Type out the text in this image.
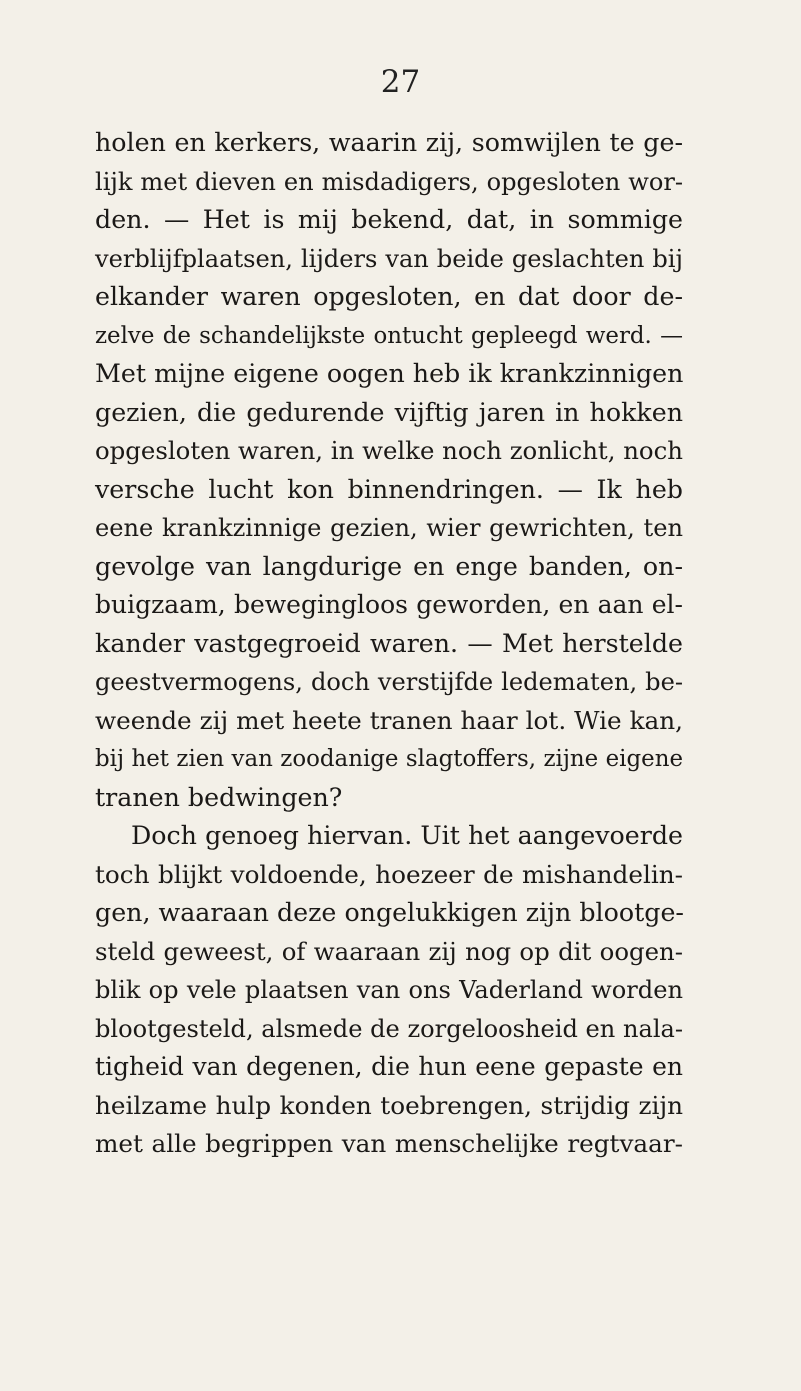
27
holen en kerkers, waarin zij, somwijlen te ge-
lijk met dieven en misdadigers, opgesloten wor-
den. — Het is mij bekend, dat, in sommige
verblijfplaatsen, lijders van beide geslachten bij
elkander waren opgesloten, en dat door de-
zelve de schandelijkste ontucht gepleegd werd. —
Met mijne eigene oogen heb ik krankzinnigen
gezien, die gedurende vijftig jaren in hokken
opgesloten waren, in welke noch zonlicht, noch
versche lucht kon binnendringen. — Ik heb
eene krankzinnige gezien, wier gewrichten, ten
gevolge van langdurige en enge banden, on-
buigzaam, bewegingloos geworden, en aan el-
kander vastgegroeid waren. — Met herstelde
geestvermogens, doch verstijfde ledematen, be-
weende zij met heete tranen haar lot. Wie kan,
bij het zien van zoodanige slagtoffers, zijne eigene
tranen bedwingen?
Doch genoeg hiervan. Uit het aangevoerde
toch blijkt voldoende, hoezeer de mishandelin-
gen, waaraan deze ongelukkigen zijn blootge-
steld geweest, of waaraan zij nog op dit oogen-
blik op vele plaatsen van ons Vaderland worden
blootgesteld, alsmede de zorgeloosheid en nala-
tigheid van degenen, die hun eene gepaste en
heilzame hulp konden toebrengen, strijdig zijn
met alle begrippen van menschelijke regtvaar-
